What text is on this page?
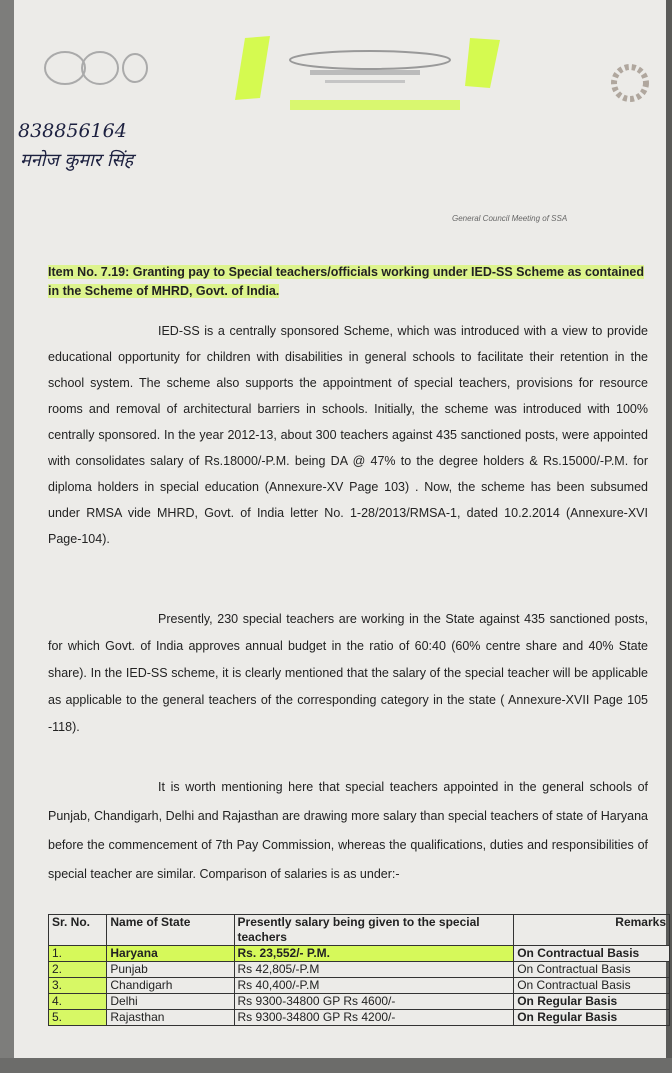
838856164
मनोज कुमार सिंह
General Council Meeting of SSA
Item No. 7.19: Granting pay to Special teachers/officials working under IED-SS Scheme as contained in the Scheme of MHRD, Govt. of India.

IED-SS is a centrally sponsored Scheme, which was introduced with a view to provide educational opportunity for children with disabilities in general schools to facilitate their retention in the school system. The scheme also supports the appointment of special teachers, provisions for resource rooms and removal of architectural barriers in schools. Initially, the scheme was introduced with 100% centrally sponsored. In the year 2012-13, about 300 teachers against 435 sanctioned posts, were appointed with consolidates salary of Rs.18000/-P.M. being DA @ 47% to the degree holders & Rs.15000/-P.M. for diploma holders in special education (Annexure-XV Page 103) . Now, the scheme has been subsumed under RMSA vide MHRD, Govt. of India letter No. 1-28/2013/RMSA-1, dated 10.2.2014 (Annexure-XVI Page-104).

Presently, 230 special teachers are working in the State against 435 sanctioned posts, for which Govt. of India approves annual budget in the ratio of 60:40 (60% centre share and 40% State share). In the IED-SS scheme, it is clearly mentioned that the salary of the special teacher will be applicable as applicable to the general teachers of the corresponding category in the state ( Annexure-XVII Page 105 -118).

It is worth mentioning here that special teachers appointed in the general schools of Punjab, Chandigarh, Delhi and Rajasthan are drawing more salary than special teachers of state of Haryana before the commencement of 7th Pay Commission, whereas the qualifications, duties and responsibilities of special teacher are similar. Comparison of salaries is as under:-

Sr. No.	Name of State	Presently salary being given to the special teachers	Remarks
1.	Haryana	Rs. 23,552/- P.M.	On Contractual Basis
2.	Punjab	Rs 42,805/-P.M	On Contractual Basis
3.	Chandigarh	Rs 40,400/-P.M	On Contractual Basis
4.	Delhi	Rs 9300-34800 GP Rs 4600/-	On Regular Basis
5.	Rajasthan	Rs 9300-34800 GP Rs 4200/-	On Regular Basis
